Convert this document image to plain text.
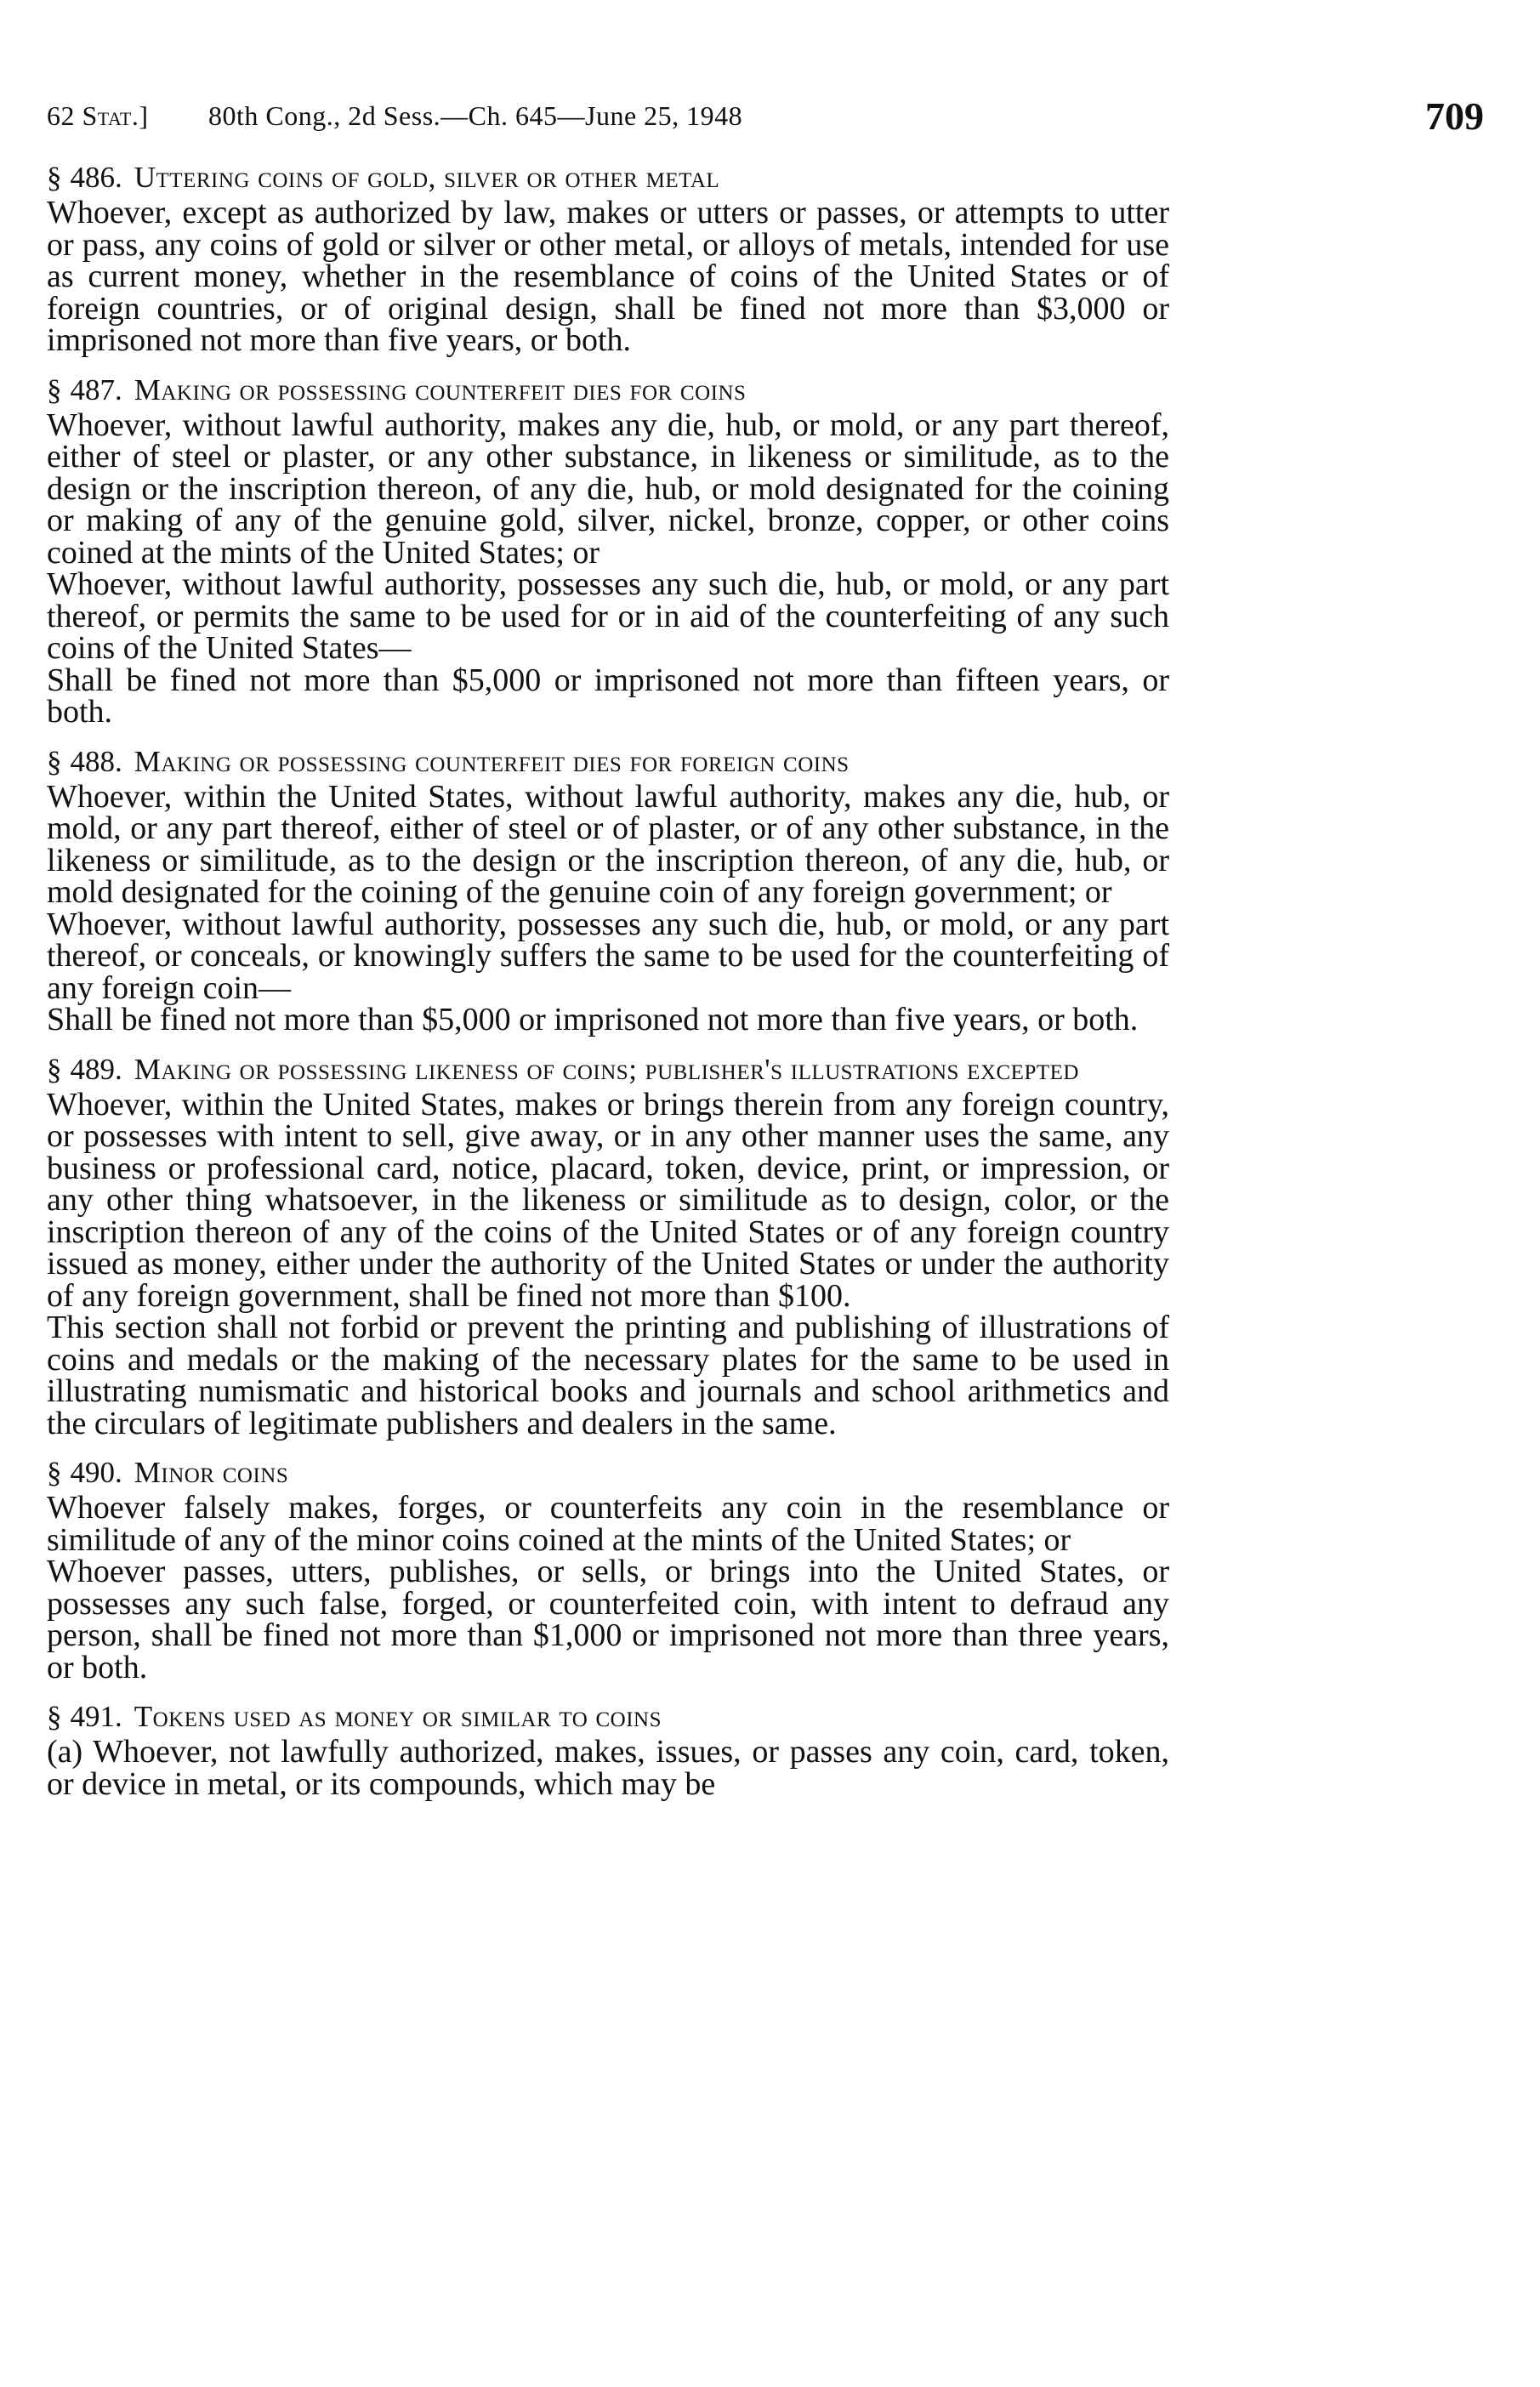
62 Stat.] 80th Cong., 2d Sess.—Ch. 645—June 25, 1948	709
§ 486. Uttering coins of gold, silver or other metal

Whoever, except as authorized by law, makes or utters or passes, or attempts to utter or pass, any coins of gold or silver or other metal, or alloys of metals, intended for use as current money, whether in the resemblance of coins of the United States or of foreign countries, or of original design, shall be fined not more than $3,000 or imprisoned not more than five years, or both.

§ 487. Making or possessing counterfeit dies for coins

Whoever, without lawful authority, makes any die, hub, or mold, or any part thereof, either of steel or plaster, or any other substance, in likeness or similitude, as to the design or the inscription thereon, of any die, hub, or mold designated for the coining or making of any of the genuine gold, silver, nickel, bronze, copper, or other coins coined at the mints of the United States; or

Whoever, without lawful authority, possesses any such die, hub, or mold, or any part thereof, or permits the same to be used for or in aid of the counterfeiting of any such coins of the United States—

Shall be fined not more than $5,000 or imprisoned not more than fifteen years, or both.

§ 488. Making or possessing counterfeit dies for foreign coins

Whoever, within the United States, without lawful authority, makes any die, hub, or mold, or any part thereof, either of steel or of plaster, or of any other substance, in the likeness or similitude, as to the design or the inscription thereon, of any die, hub, or mold designated for the coining of the genuine coin of any foreign government; or

Whoever, without lawful authority, possesses any such die, hub, or mold, or any part thereof, or conceals, or knowingly suffers the same to be used for the counterfeiting of any foreign coin—

Shall be fined not more than $5,000 or imprisoned not more than five years, or both.

§ 489. Making or possessing likeness of coins; publisher's illustrations excepted

Whoever, within the United States, makes or brings therein from any foreign country, or possesses with intent to sell, give away, or in any other manner uses the same, any business or professional card, notice, placard, token, device, print, or impression, or any other thing whatsoever, in the likeness or similitude as to design, color, or the inscription thereon of any of the coins of the United States or of any foreign country issued as money, either under the authority of the United States or under the authority of any foreign government, shall be fined not more than $100.

This section shall not forbid or prevent the printing and publishing of illustrations of coins and medals or the making of the necessary plates for the same to be used in illustrating numismatic and historical books and journals and school arithmetics and the circulars of legitimate publishers and dealers in the same.

§ 490. Minor coins

Whoever falsely makes, forges, or counterfeits any coin in the resemblance or similitude of any of the minor coins coined at the mints of the United States; or

Whoever passes, utters, publishes, or sells, or brings into the United States, or possesses any such false, forged, or counterfeited coin, with intent to defraud any person, shall be fined not more than $1,000 or imprisoned not more than three years, or both.

§ 491. Tokens used as money or similar to coins

(a) Whoever, not lawfully authorized, makes, issues, or passes any coin, card, token, or device in metal, or its compounds, which may be
